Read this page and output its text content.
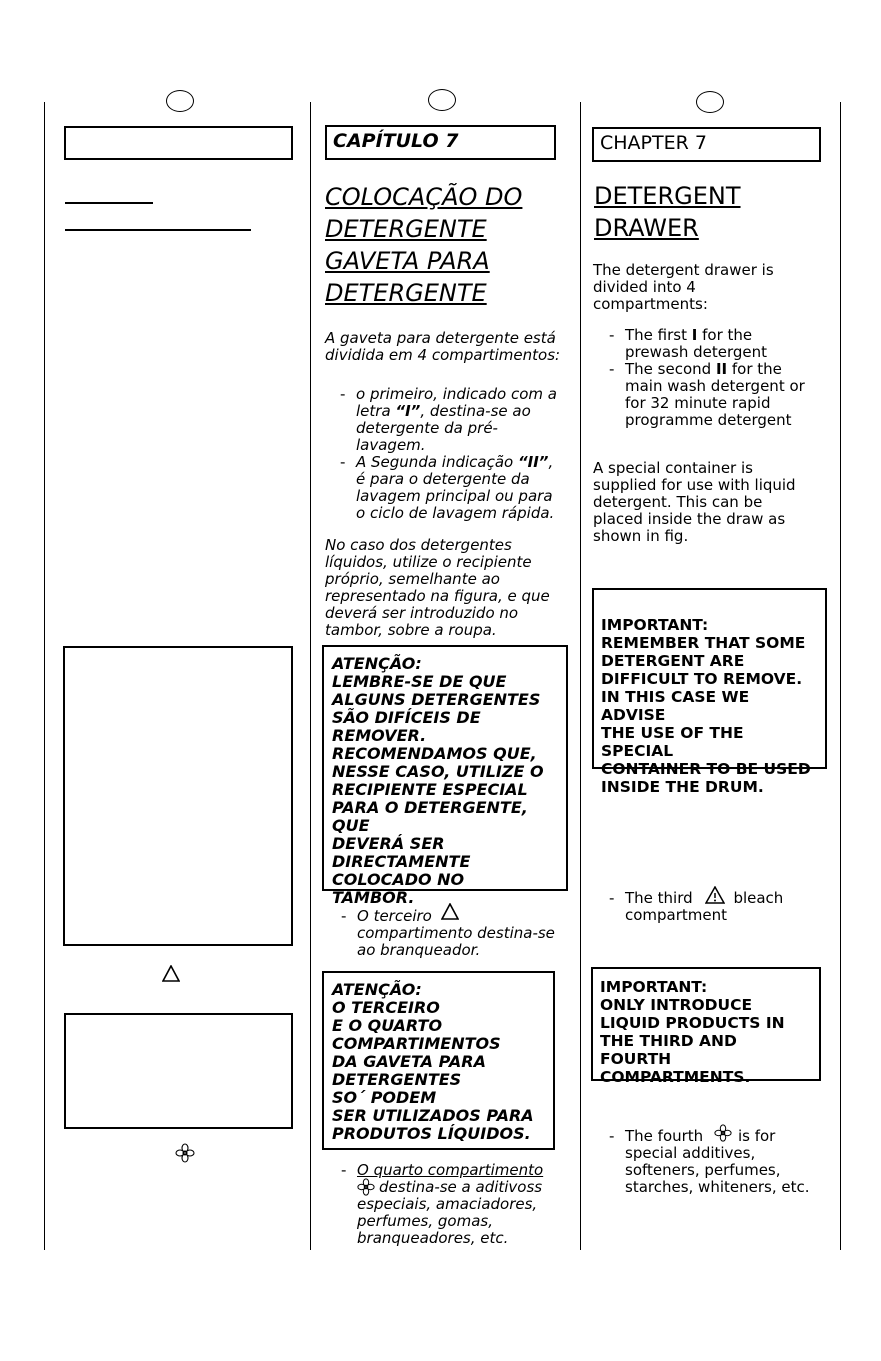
CAPÍTULO 7
COLOCAÇÃO DO
DETERGENTE
GAVETA PARA
DETERGENTE
A gaveta para detergente está
dividida em 4 compartimentos:
- o primeiro, indicado com a
letra “I”, destina-se ao
detergente da pré-
lavagem.
- A Segunda indicação “II”,
é para o detergente da
lavagem principal ou para
o ciclo de lavagem rápida.
No caso dos detergentes
líquidos, utilize o recipiente
próprio, semelhante ao
representado na figura, e que
deverá ser introduzido no
tambor, sobre a roupa.
ATENÇÃO:
LEMBRE-SE DE QUE
ALGUNS DETERGENTES
SÃO DIFÍCEIS DE
REMOVER.
RECOMENDAMOS QUE,
NESSE CASO, UTILIZE O
RECIPIENTE ESPECIAL
PARA O DETERGENTE, QUE
DEVERÁ SER
DIRECTAMENTE
COLOCADO NO
TAMBOR.
- O terceiro
compartimento destina-se
ao branqueador.
ATENÇÃO:
O TERCEIRO
E O QUARTO
COMPARTIMENTOS
DA GAVETA PARA
DETERGENTES
SO´ PODEM
SER UTILIZADOS PARA
PRODUTOS LÍQUIDOS.
- O quarto compartimento
destina-se a aditivoss
especiais, amaciadores,
perfumes, gomas,
branqueadores, etc.
CHAPTER 7
DETERGENT
DRAWER
The detergent drawer is
divided into 4
compartments:
- The first I for the
prewash detergent
- The second II for the
main wash detergent or
for 32 minute rapid
programme detergent
A special container is
supplied for use with liquid
detergent. This can be
placed inside the draw as
shown in fig.
IMPORTANT:
REMEMBER THAT SOME
DETERGENT ARE
DIFFICULT TO REMOVE.
IN THIS CASE WE ADVISE
THE USE OF THE SPECIAL
CONTAINER TO BE USED
INSIDE THE DRUM.
- The third	bleach
compartment
IMPORTANT:
ONLY INTRODUCE
LIQUID PRODUCTS IN
THE THIRD AND FOURTH
COMPARTMENTS.
- The fourth is for
special additives,
softeners, perfumes,
starches, whiteners, etc.
